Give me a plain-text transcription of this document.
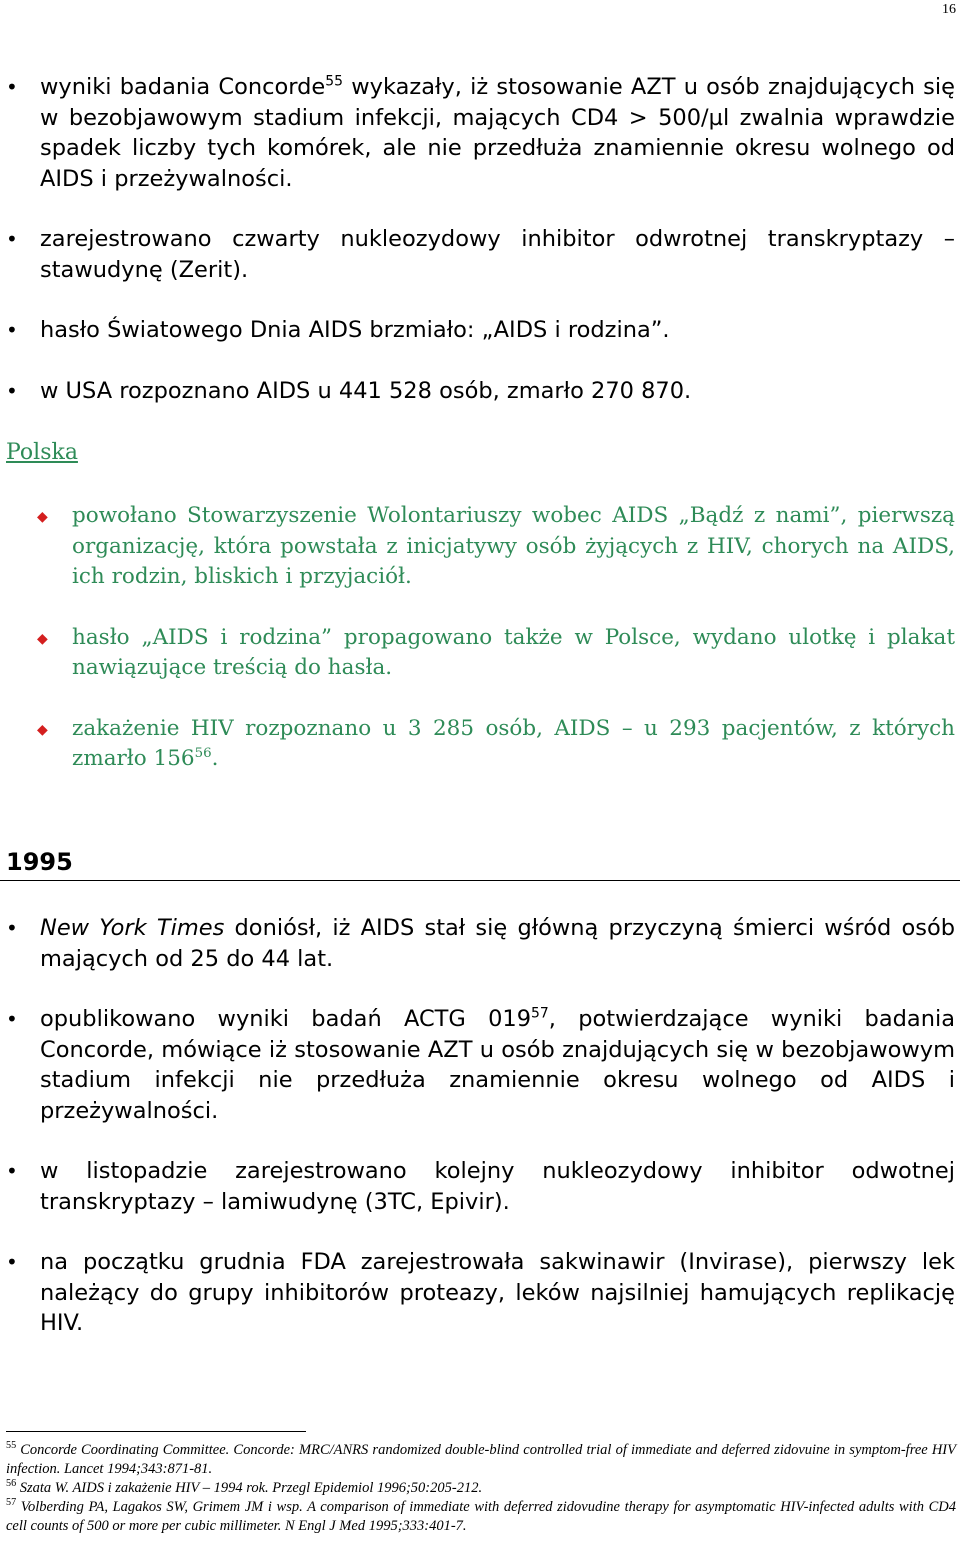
16
• wyniki badania Concorde$^{55}$ wykazały, iż stosowanie AZT u osób znajdujących się w bezobjawowym stadium infekcji, mających CD4 > 500/µl zwalnia wprawdzie spadek liczby tych komórek, ale nie przedłuża znamiennie okresu wolnego od AIDS i przeżywalności.
• zarejestrowano czwarty nukleozydowy inhibitor odwrotnej transkryptazy – stawudynę (Zerit).
• hasło Światowego Dnia AIDS brzmiało: „AIDS i rodzina”.
• w USA rozpoznano AIDS u 441 528 osób, zmarło 270 870.
Polska
◆ powołano Stowarzyszenie Wolontariuszy wobec AIDS „Bądź z nami”, pierwszą organizację, która powstała z inicjatywy osób żyjących z HIV, chorych na AIDS, ich rodzin, bliskich i przyjaciół.
◆ hasło „AIDS i rodzina” propagowano także w Polsce, wydano ulotkę i plakat nawiązujące treścią do hasła.
◆ zakażenie HIV rozpoznano u 3 285 osób, AIDS – u 293 pacjentów, z których zmarło $156^{56}$.
1995
• New York Times doniósł, iż AIDS stał się główną przyczyną śmierci wśród osób mających od 25 do 44 lat.
• opublikowano wyniki badań ACTG $019^{57}$, potwierdzające wyniki badania Concorde, mówiące iż stosowanie AZT u osób znajdujących się w bezobjawowym stadium infekcji nie przedłuża znamiennie okresu wolnego od AIDS i przeżywalności.
• w listopadzie zarejestrowano kolejny nukleozydowy inhibitor odwotnej transkryptazy – lamiwudynę (3TC, Epivir).
• na początku grudnia FDA zarejestrowała sakwinawir (Invirase), pierwszy lek należący do grupy inhibitorów proteazy, leków najsilniej hamujących replikację HIV.

$^{55}$ Concorde Coordinating Committee. Concorde: MRC/ANRS randomized double-blind controlled trial of immediate and deferred zidovuine in symptom-free HIV infection. Lancet 1994;343:871-81.

$^{56}$ Szata W. AIDS i zakażenie HIV – 1994 rok. Przegl Epidemiol 1996;50:205-212.

$^{57}$ Volberding PA, Lagakos SW, Grimem JM i wsp. A comparison of immediate with deferred zidovudine therapy for asymptomatic HIV-infected adults with CD4 cell counts of 500 or more per cubic millimeter. N Engl J Med 1995;333:401-7.
